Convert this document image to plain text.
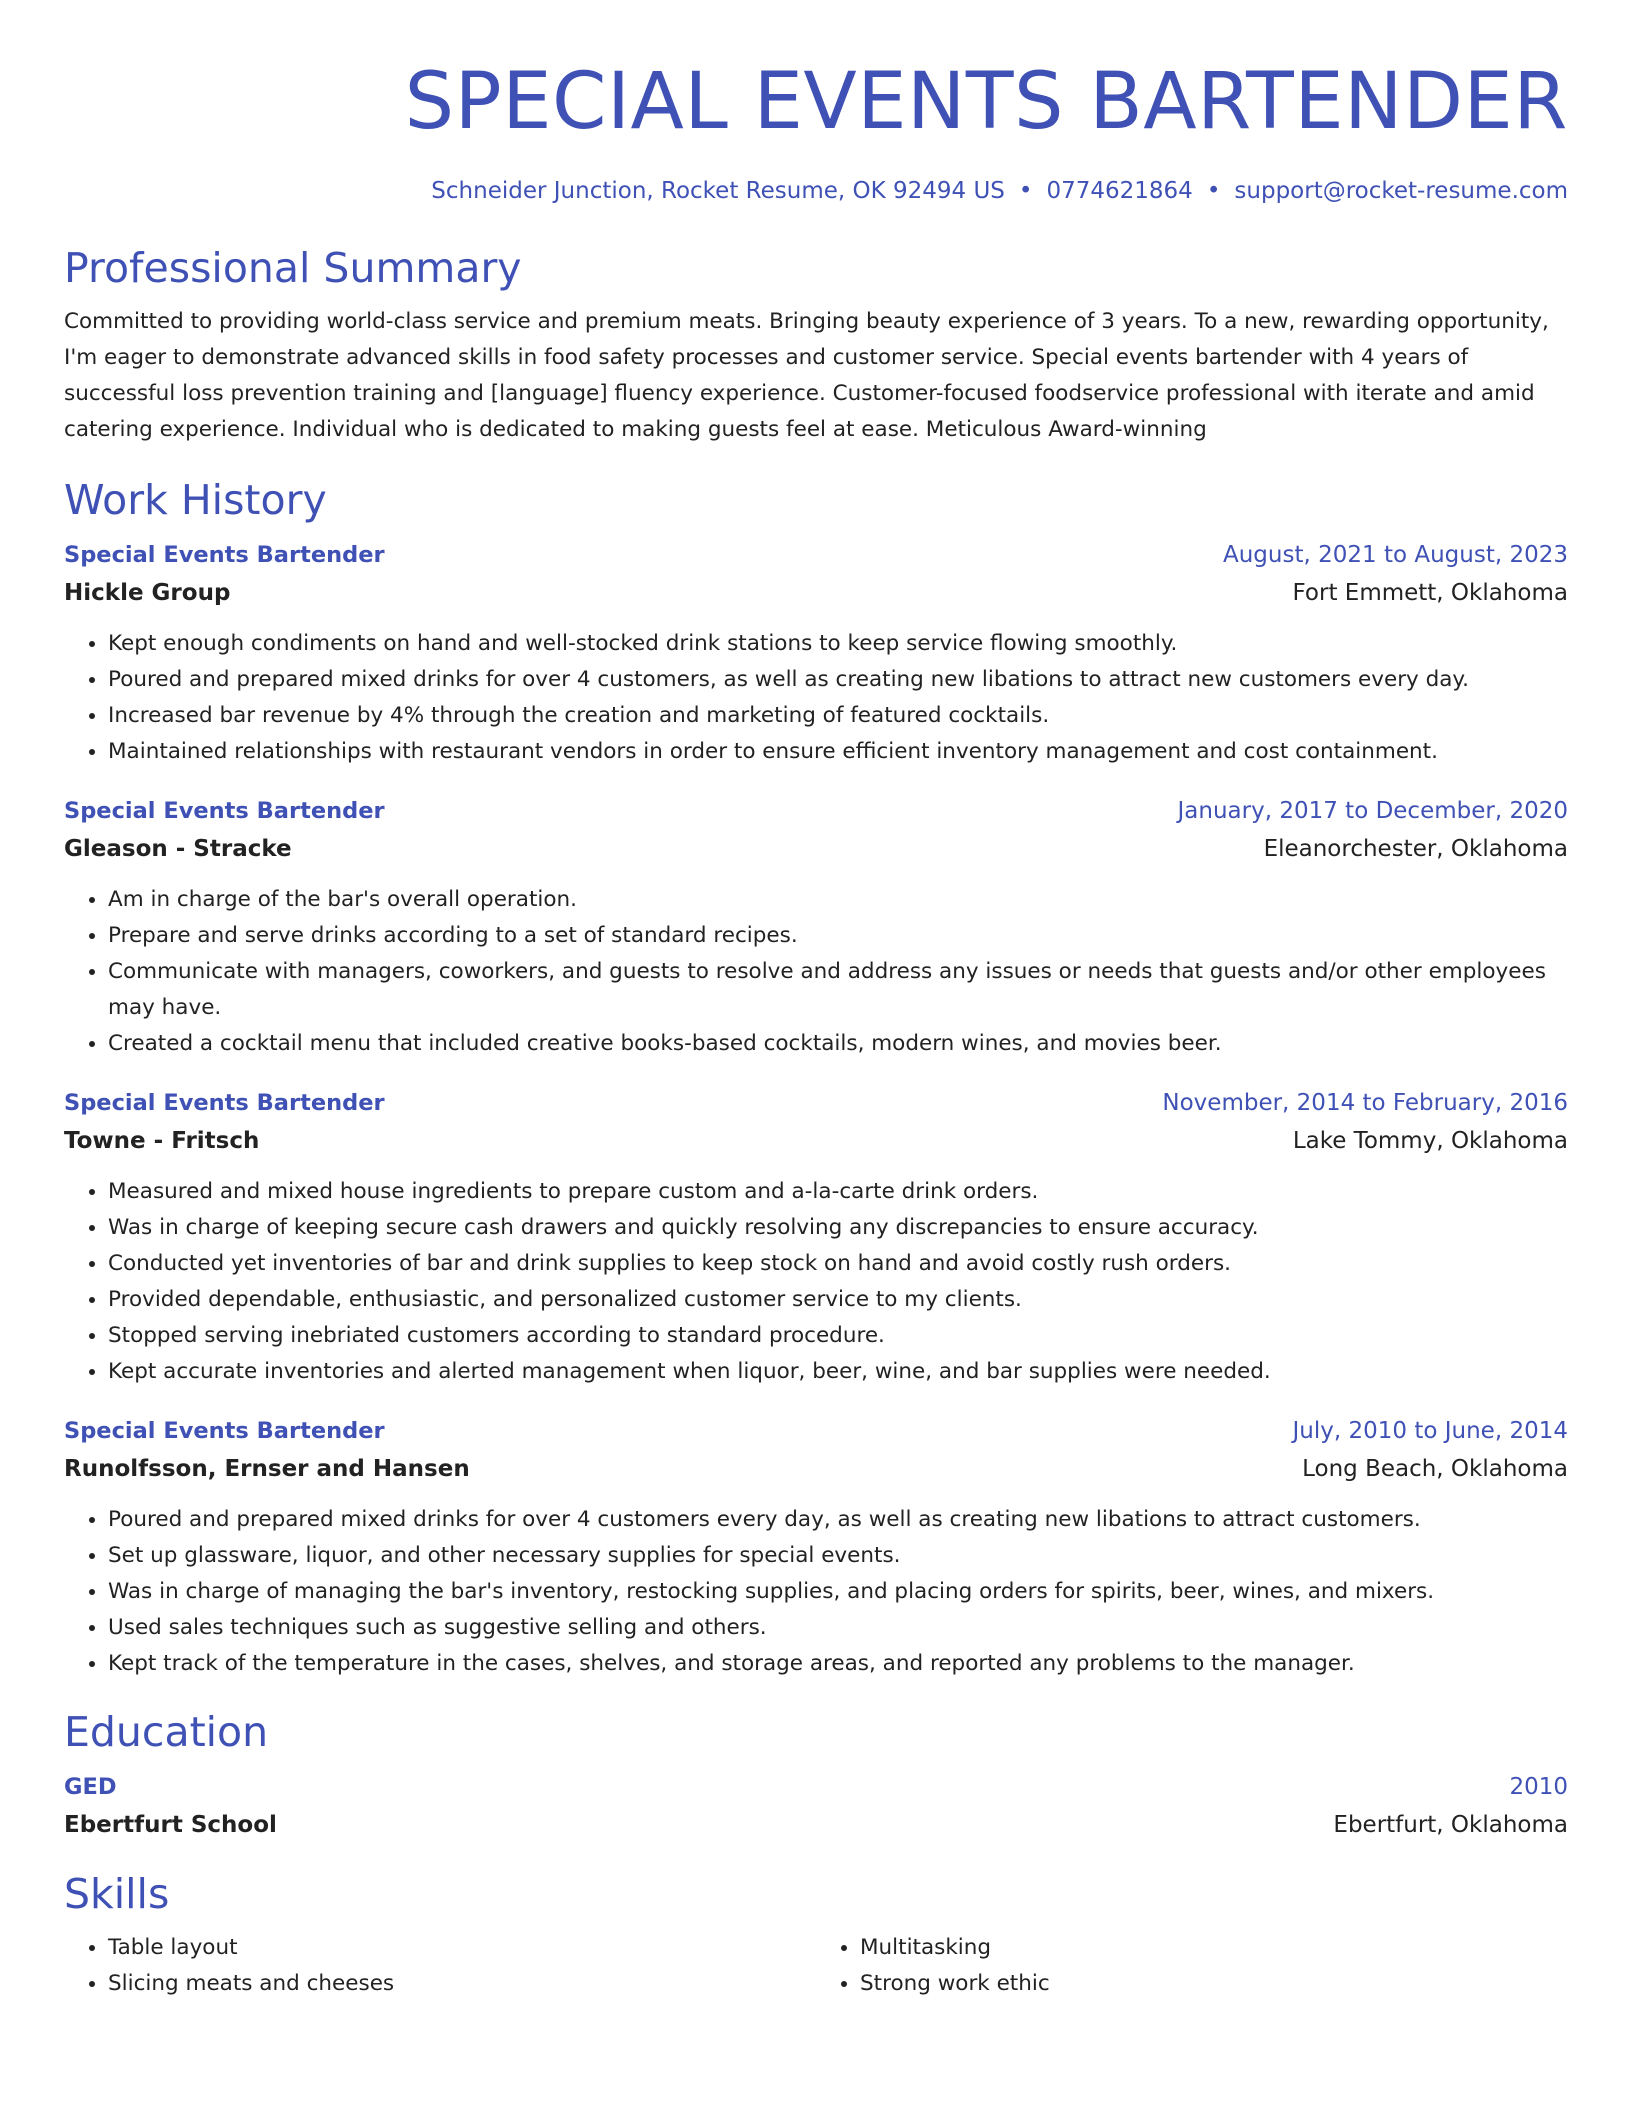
SPECIAL EVENTS BARTENDER
Schneider Junction, Rocket Resume, OK 92494 US • 0774621864 • support@rocket-resume.com
Professional Summary
Committed to providing world-class service and premium meats. Bringing beauty experience of 3 years. To a new, rewarding opportunity, I'm eager to demonstrate advanced skills in food safety processes and customer service. Special events bartender with 4 years of successful loss prevention training and [language] fluency experience. Customer-focused foodservice professional with iterate and amid catering experience. Individual who is dedicated to making guests feel at ease. Meticulous Award-winning
Work History
Special Events Bartender	August, 2021 to August, 2023
Hickle Group	Fort Emmett, Oklahoma
• Kept enough condiments on hand and well-stocked drink stations to keep service flowing smoothly.
• Poured and prepared mixed drinks for over 4 customers, as well as creating new libations to attract new customers every day.
• Increased bar revenue by 4% through the creation and marketing of featured cocktails.
• Maintained relationships with restaurant vendors in order to ensure efficient inventory management and cost containment.
Special Events Bartender	January, 2017 to December, 2020
Gleason - Stracke	Eleanorchester, Oklahoma
• Am in charge of the bar's overall operation.
• Prepare and serve drinks according to a set of standard recipes.
• Communicate with managers, coworkers, and guests to resolve and address any issues or needs that guests and/or other employees may have.
• Created a cocktail menu that included creative books-based cocktails, modern wines, and movies beer.
Special Events Bartender	November, 2014 to February, 2016
Towne - Fritsch	Lake Tommy, Oklahoma
• Measured and mixed house ingredients to prepare custom and a-la-carte drink orders.
• Was in charge of keeping secure cash drawers and quickly resolving any discrepancies to ensure accuracy.
• Conducted yet inventories of bar and drink supplies to keep stock on hand and avoid costly rush orders.
• Provided dependable, enthusiastic, and personalized customer service to my clients.
• Stopped serving inebriated customers according to standard procedure.
• Kept accurate inventories and alerted management when liquor, beer, wine, and bar supplies were needed.
Special Events Bartender	July, 2010 to June, 2014
Runolfsson, Ernser and Hansen	Long Beach, Oklahoma
• Poured and prepared mixed drinks for over 4 customers every day, as well as creating new libations to attract customers.
• Set up glassware, liquor, and other necessary supplies for special events.
• Was in charge of managing the bar's inventory, restocking supplies, and placing orders for spirits, beer, wines, and mixers.
• Used sales techniques such as suggestive selling and others.
• Kept track of the temperature in the cases, shelves, and storage areas, and reported any problems to the manager.
Education
GED	2010
Ebertfurt School	Ebertfurt, Oklahoma
Skills
• Table layout
• Slicing meats and cheeses
• Multitasking
• Strong work ethic
